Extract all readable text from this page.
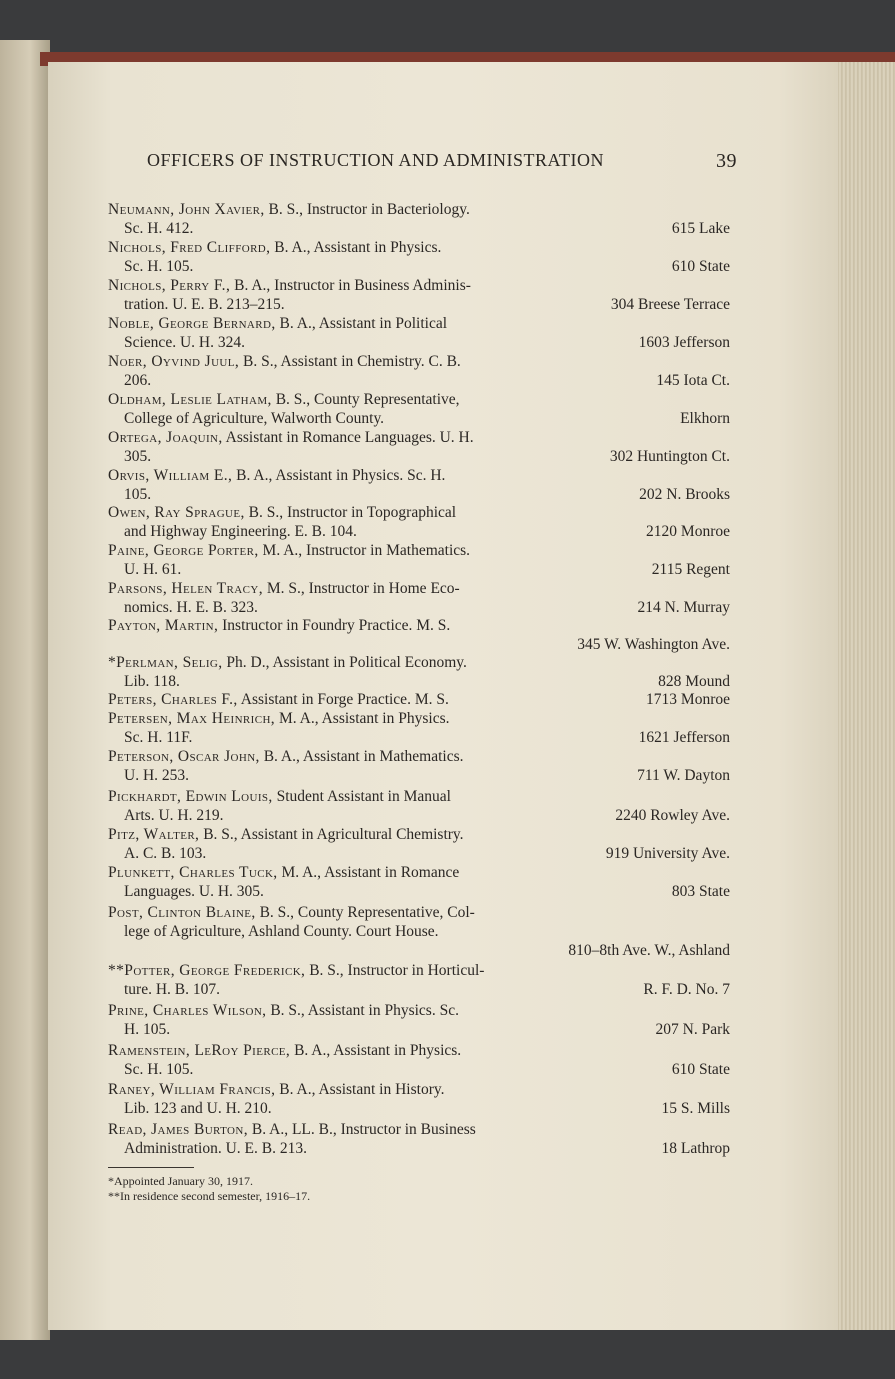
OFFICERS OF INSTRUCTION AND ADMINISTRATION	39
Neumann, John Xavier, B. S., Instructor in Bacteriology.
Sc. H. 412.	615 Lake
Nichols, Fred Clifford, B. A., Assistant in Physics.
Sc. H. 105.	610 State
Nichols, Perry F., B. A., Instructor in Business Adminis-
tration. U. E. B. 213–215.	304 Breese Terrace
Noble, George Bernard, B. A., Assistant in Political
Science. U. H. 324.	1603 Jefferson
Noer, Oyvind Juul, B. S., Assistant in Chemistry. C. B.
206.	145 Iota Ct.
Oldham, Leslie Latham, B. S., County Representative,
College of Agriculture, Walworth County.	Elkhorn
Ortega, Joaquin, Assistant in Romance Languages. U. H.
305.	302 Huntington Ct.
Orvis, William E., B. A., Assistant in Physics. Sc. H.
105.	202 N. Brooks
Owen, Ray Sprague, B. S., Instructor in Topographical
and Highway Engineering. E. B. 104.	2120 Monroe
Paine, George Porter, M. A., Instructor in Mathematics.
U. H. 61.	2115 Regent
Parsons, Helen Tracy, M. S., Instructor in Home Eco-
nomics. H. E. B. 323.	214 N. Murray
Payton, Martin, Instructor in Foundry Practice. M. S.
345 W. Washington Ave.
*Perlman, Selig, Ph. D., Assistant in Political Economy.
Lib. 118.	828 Mound
Peters, Charles F., Assistant in Forge Practice. M. S.	1713 Monroe
Petersen, Max Heinrich, M. A., Assistant in Physics.
Sc. H. 11F.	1621 Jefferson
Peterson, Oscar John, B. A., Assistant in Mathematics.
U. H. 253.	711 W. Dayton
Pickhardt, Edwin Louis, Student Assistant in Manual
Arts. U. H. 219.	2240 Rowley Ave.
Pitz, Walter, B. S., Assistant in Agricultural Chemistry.
A. C. B. 103.	919 University Ave.
Plunkett, Charles Tuck, M. A., Assistant in Romance
Languages. U. H. 305.	803 State
Post, Clinton Blaine, B. S., County Representative, Col-
lege of Agriculture, Ashland County. Court House.
810–8th Ave. W., Ashland
**Potter, George Frederick, B. S., Instructor in Horticul-
ture. H. B. 107.	R. F. D. No. 7
Prine, Charles Wilson, B. S., Assistant in Physics. Sc.
H. 105.	207 N. Park
Ramenstein, LeRoy Pierce, B. A., Assistant in Physics.
Sc. H. 105.	610 State
Raney, William Francis, B. A., Assistant in History.
Lib. 123 and U. H. 210.	15 S. Mills
Read, James Burton, B. A., LL. B., Instructor in Business
Administration. U. E. B. 213.	18 Lathrop
*Appointed January 30, 1917.
**In residence second semester, 1916–17.
